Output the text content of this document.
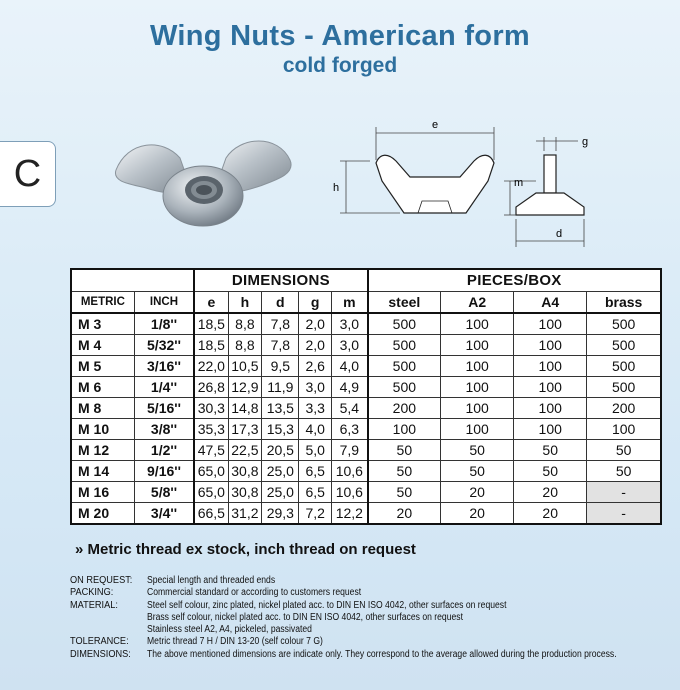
Wing Nuts - American form
cold forged
C
e
h
g
m
d
		DIMENSIONS					PIECES/BOX			
METRIC	INCH	e	h	d	g	m	steel	A2	A4	brass
M 3	1/8''	18,5	8,8	7,8	2,0	3,0	500	100	100	500
M 4	5/32''	18,5	8,8	7,8	2,0	3,0	500	100	100	500
M 5	3/16''	22,0	10,5	9,5	2,6	4,0	500	100	100	500
M 6	1/4''	26,8	12,9	11,9	3,0	4,9	500	100	100	500
M 8	5/16''	30,3	14,8	13,5	3,3	5,4	200	100	100	200
M 10	3/8''	35,3	17,3	15,3	4,0	6,3	100	100	100	100
M 12	1/2''	47,5	22,5	20,5	5,0	7,9	50	50	50	50
M 14	9/16''	65,0	30,8	25,0	6,5	10,6	50	50	50	50
M 16	5/8''	65,0	30,8	25,0	6,5	10,6	50	20	20	-
M 20	3/4''	66,5	31,2	29,3	7,2	12,2	20	20	20	-
» Metric thread ex stock, inch thread on request
ON REQUEST:	Special length and threaded ends
PACKING:	Commercial standard or according to customers request
MATERIAL:	Steel self colour, zinc plated, nickel plated acc. to DIN EN ISO 4042, other surfaces on request
Brass self colour, nickel plated acc. to DIN EN ISO 4042, other surfaces on request
Stainless steel A2, A4, pickeled, passivated
TOLERANCE:	Metric thread 7 H / DIN 13-20 (self colour 7 G)
DIMENSIONS:	The above mentioned dimensions are indicate only. They correspond to the average allowed during the production process.
